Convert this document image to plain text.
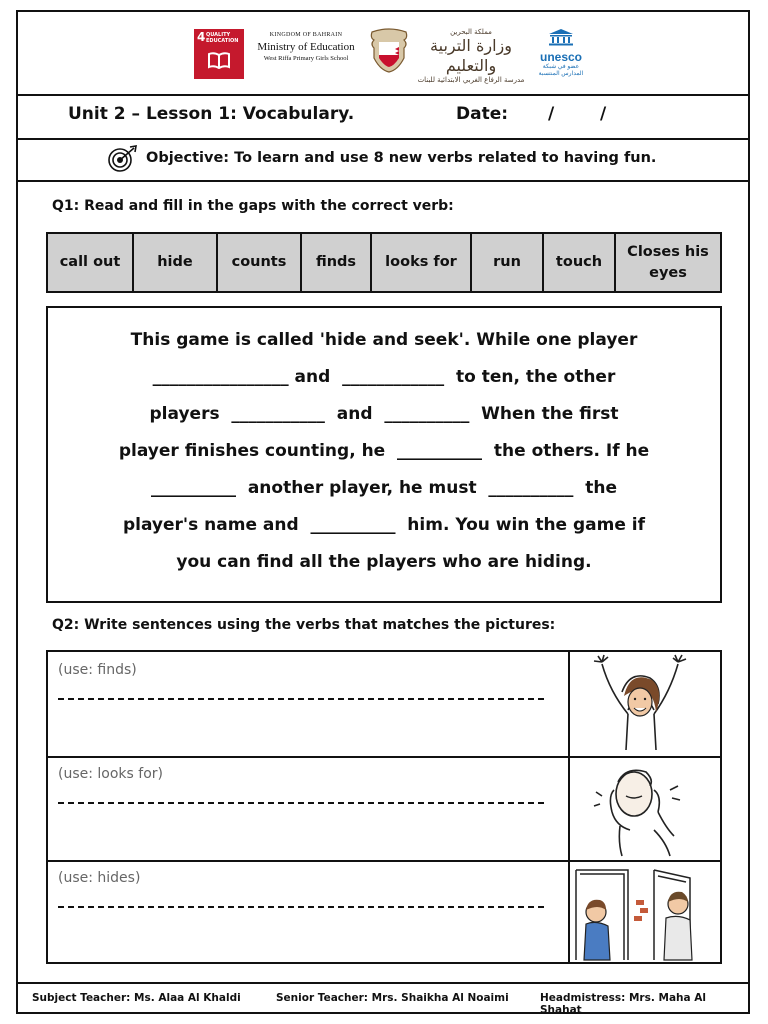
4 QUALITY EDUCATION
KINGDOM OF BAHRAIN
Ministry of Education
West Riffa Primary Girls School
مملكة البحرين
وزارة التربية والتعليم
مدرسة الرفاع الغربي الابتدائية للبنات
unesco
عضو في شبكة المدارس المنتسبة
Unit 2 – Lesson 1: Vocabulary.	Date: /	/
Objective: To learn and use 8 new verbs related to having fun.
Q1: Read and fill in the gaps with the correct verb:
call out	hide	counts	finds	looks for	run	touch
Closes his eyes
This game is called 'hide and seek'. While one player
________________ and  ____________  to ten, the other
players  ___________  and  __________  When the first
player finishes counting, he  __________  the others. If he
__________  another player, he must  __________  the
player's name and  __________  him. You win the game if
you can find all the players who are hiding.
Q2: Write sentences using the verbs that matches the pictures:
(use: finds)
(use: looks for)
(use: hides)
Subject Teacher: Ms. Alaa Al Khaldi	Senior Teacher: Mrs. Shaikha Al Noaimi	Headmistress: Mrs. Maha Al Shahat
